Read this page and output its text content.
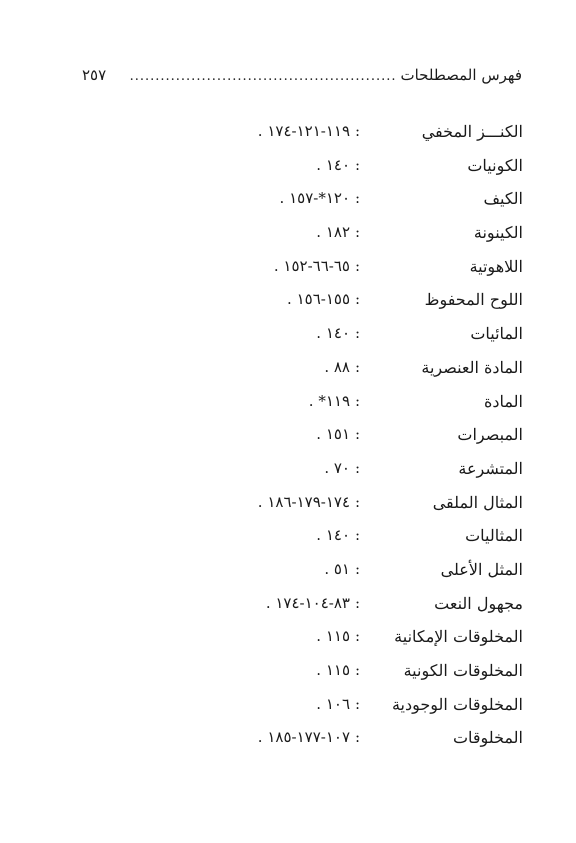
فهرس المصطلحات
....................................................
٢٥٧
الكنـــز المخفي
:
١١٩-١٢١-١٧٤ .
الكونيات
:
١٤٠ .
الكيف
:
١٢٠*-١٥٧ .
الكينونة
:
١٨٢ .
اللاهوتية
:
٦٥-٦٦-١٥٢ .
اللوح المحفوظ
:
١٥٥-١٥٦ .
المائيات
:
١٤٠ .
المادة العنصرية
:
٨٨ .
المادة
:
١١٩* .
المبصرات
:
١٥١ .
المتشرعة
:
٧٠ .
المثال الملقى
:
١٧٤-١٧٩-١٨٦ .
المثاليات
:
١٤٠ .
المثل الأعلى
:
٥١ .
مجهول النعت
:
٨٣-١٠٤-١٧٤ .
المخلوقات الإمكانية
:
١١٥ .
المخلوقات الكونية
:
١١٥ .
المخلوقات الوجودية
:
١٠٦ .
المخلوقات
:
١٠٧-١٧٧-١٨٥ .
